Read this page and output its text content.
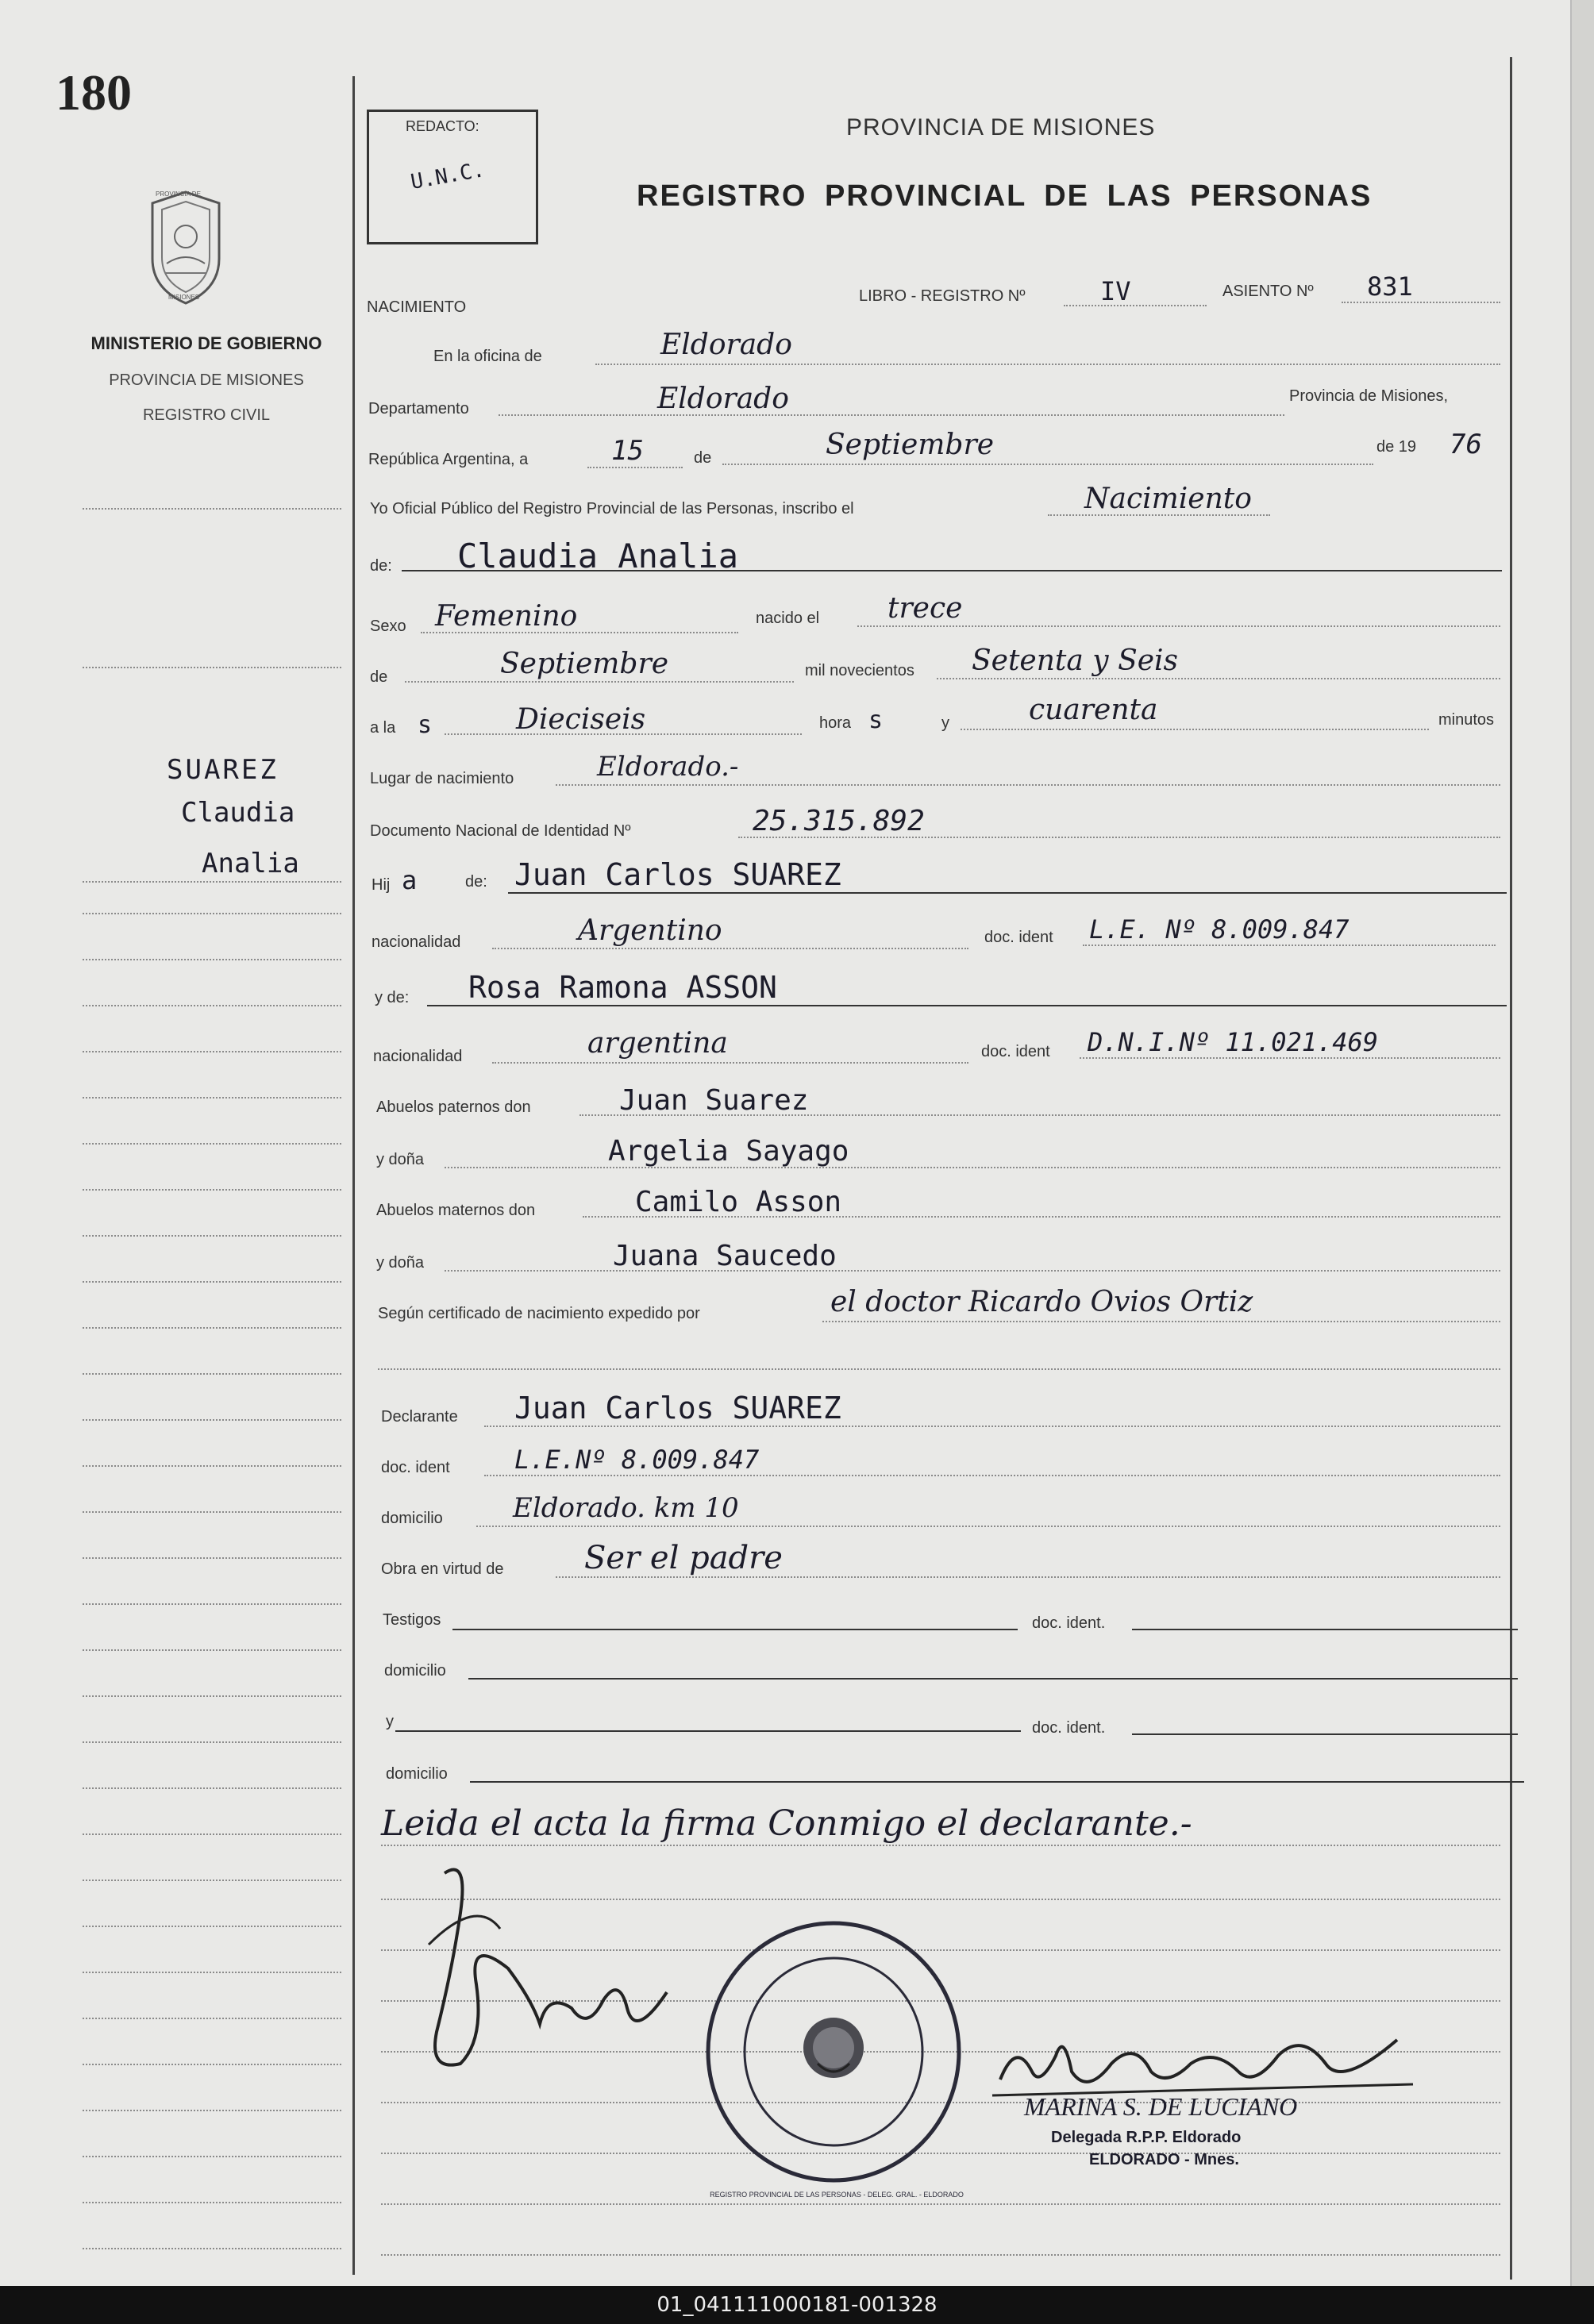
180
PROVINCIA DE
MISIONES
MINISTERIO DE GOBIERNO
PROVINCIA DE MISIONES
REGISTRO CIVIL
SUAREZ
Claudia
Analia
REDACTO:
U.N.C.
PROVINCIA DE MISIONES
REGISTRO PROVINCIAL DE LAS PERSONAS
NACIMIENTO
LIBRO - REGISTRO Nº	IV	ASIENTO Nº 831
En la oficina de	Eldorado
Departamento	Eldorado	Provincia de Misiones,
República Argentina, a	15	de	Septiembre	de 19 76
Yo Oficial Público del Registro Provincial de las Personas, inscribo el	Nacimiento
de: Claudia Analia
Sexo Femenino	nacido el trece
de	Septiembre	mil novecientos Setenta y Seis
a la s	Dieciseis	hora s	y	cuarenta	minutos
Lugar de nacimiento	Eldorado.-
Documento Nacional de Identidad Nº	25.315.892
Hij a	de: Juan Carlos SUAREZ
nacionalidad	Argentino	doc. ident L.E. Nº 8.009.847
y de: Rosa Ramona ASSON
nacionalidad	argentina	doc. ident D.N.I.Nº 11.021.469
Abuelos paternos don	Juan Suarez
y doña	Argelia Sayago
Abuelos maternos don	Camilo Asson
y doña	Juana Saucedo
Según certificado de nacimiento expedido por	el doctor Ricardo Ovios Ortiz
Declarante Juan Carlos SUAREZ
doc. ident	L.E.Nº 8.009.847
domicilio	Eldorado. km 10
Obra en virtud de	Ser el padre
Testigos	doc. ident.
domicilio
y	doc. ident.
domicilio
Leida el acta la firma Conmigo el declarante.-
REGISTRO PROVINCIAL DE LAS PERSONAS - DELEG. GRAL. - ELDORADO
MARINA S. DE LUCIANO
Delegada R.P.P. Eldorado
ELDORADO - Mnes.
01_041111000181-001328
